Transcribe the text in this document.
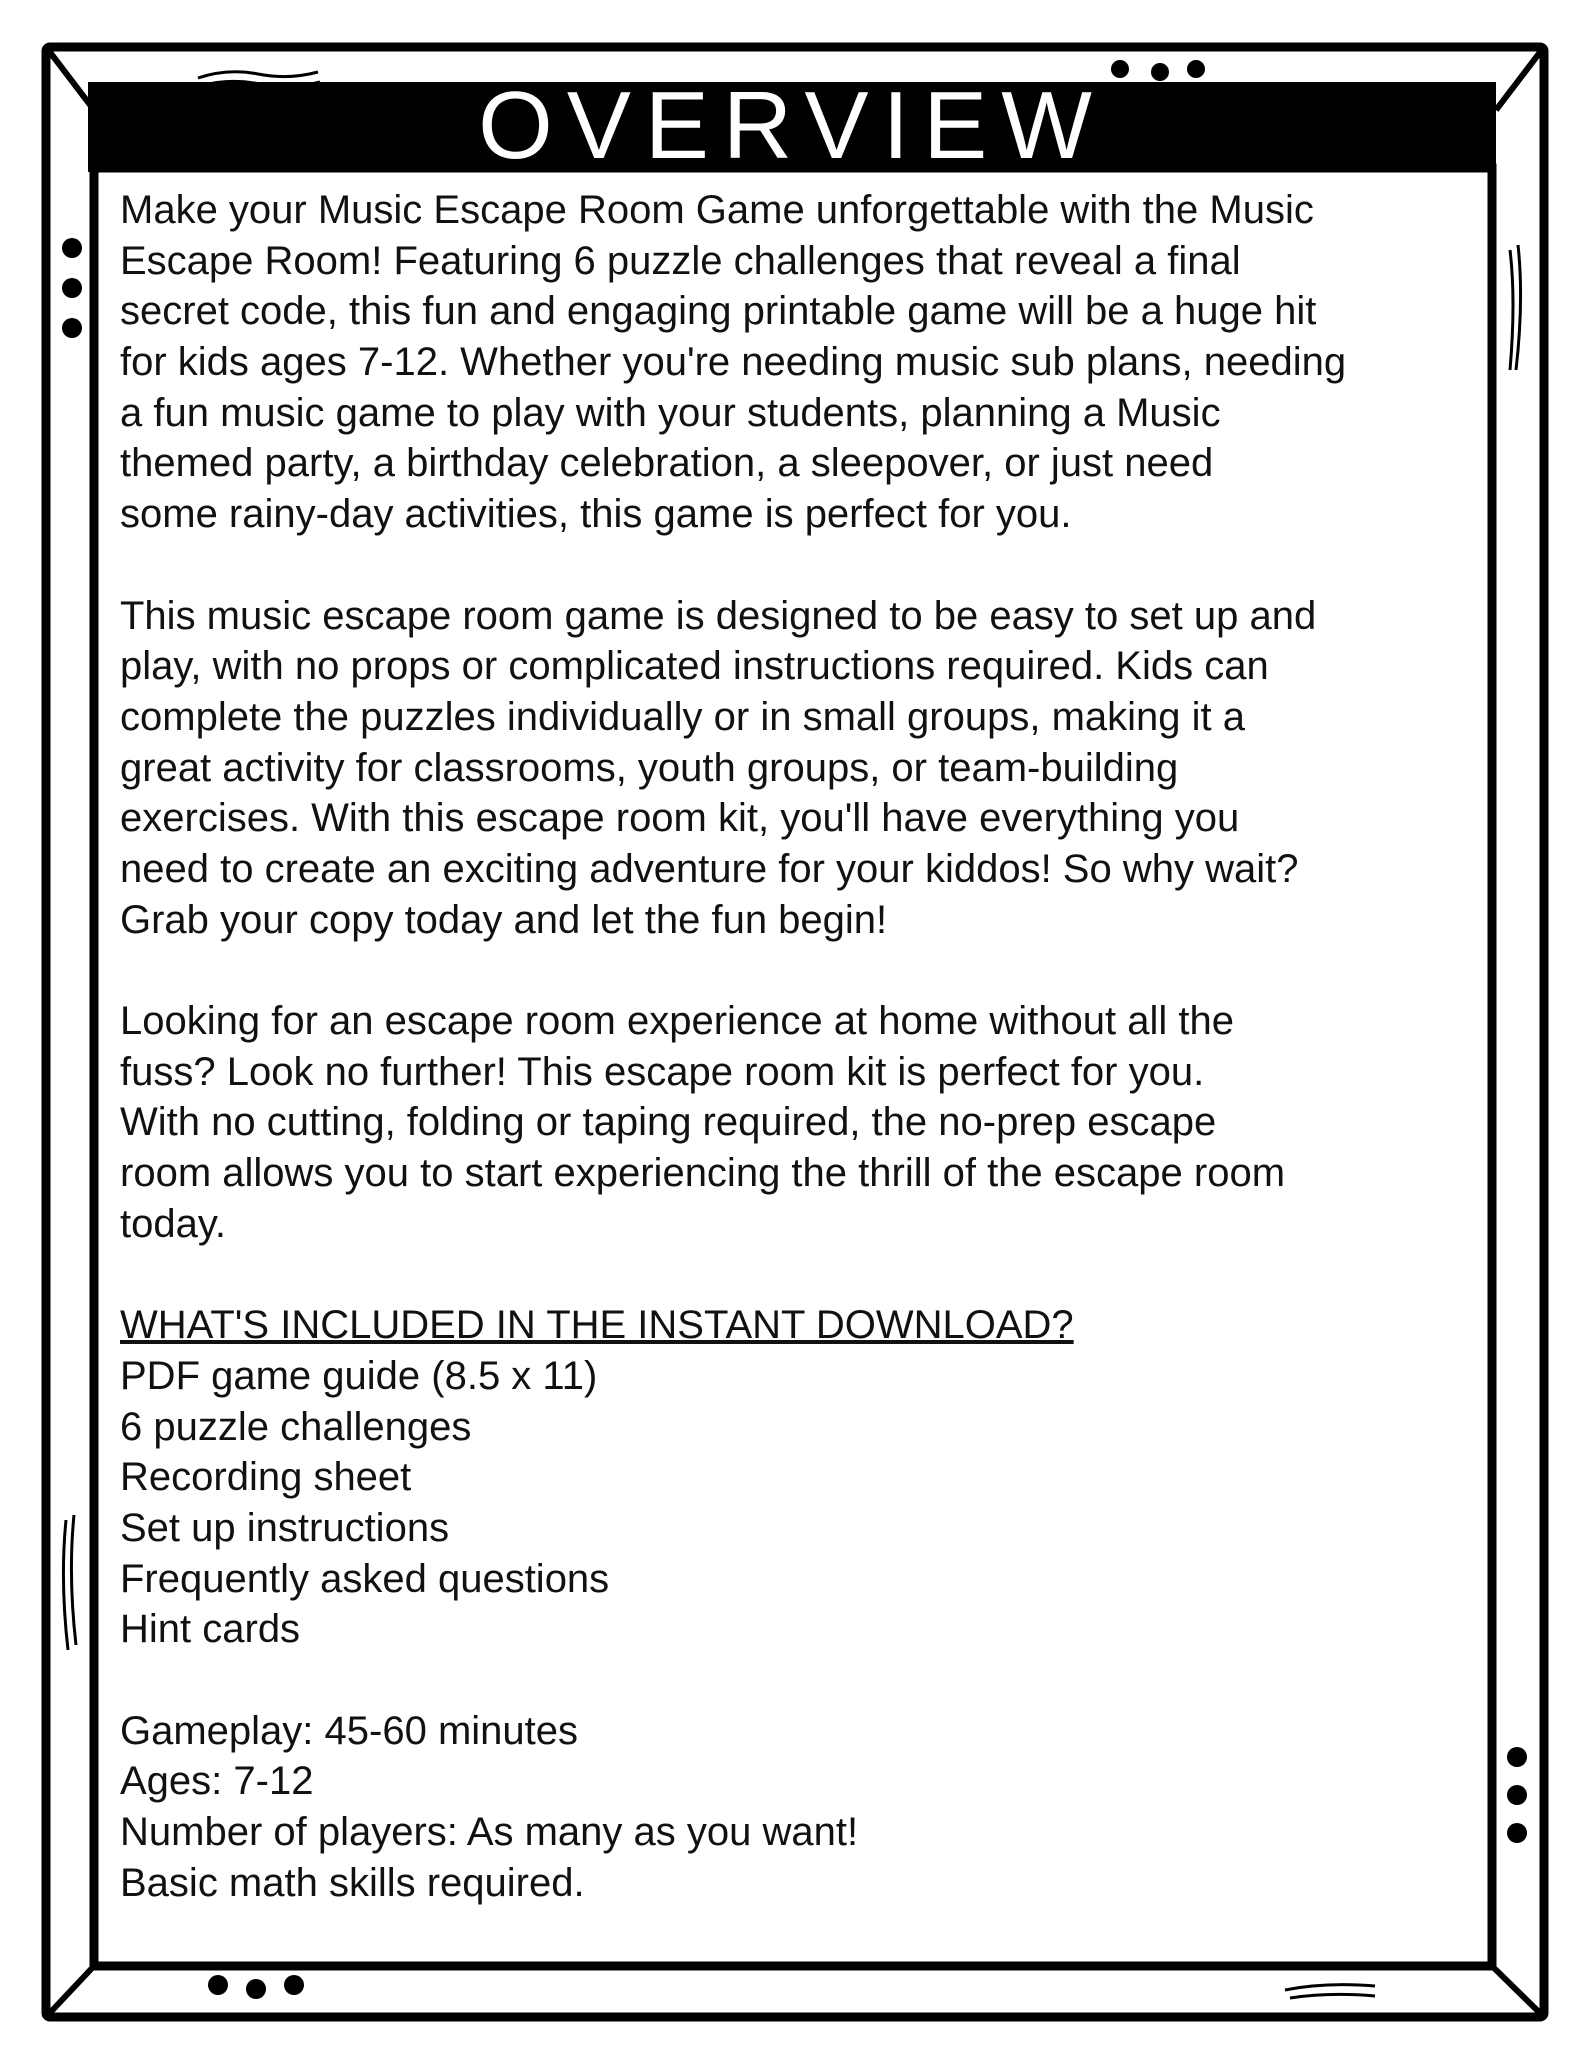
OVERVIEW
Make your Music Escape Room Game unforgettable with the Music
Escape Room! Featuring 6 puzzle challenges that reveal a final
secret code, this fun and engaging printable game will be a huge hit
for kids ages 7-12. Whether you're needing music sub plans, needing
a fun music game to play with your students, planning a Music
themed party, a birthday celebration, a sleepover, or just need
some rainy-day activities, this game is perfect for you.
This music escape room game is designed to be easy to set up and
play, with no props or complicated instructions required. Kids can
complete the puzzles individually or in small groups, making it a
great activity for classrooms, youth groups, or team-building
exercises. With this escape room kit, you'll have everything you
need to create an exciting adventure for your kiddos! So why wait?
Grab your copy today and let the fun begin!
Looking for an escape room experience at home without all the
fuss? Look no further! This escape room kit is perfect for you.
With no cutting, folding or taping required, the no-prep escape
room allows you to start experiencing the thrill of the escape room
today.
WHAT'S INCLUDED IN THE INSTANT DOWNLOAD?
PDF game guide (8.5 x 11)
6 puzzle challenges
Recording sheet
Set up instructions
Frequently asked questions
Hint cards
Gameplay: 45-60 minutes
Ages: 7-12
Number of players: As many as you want!
Basic math skills required.
